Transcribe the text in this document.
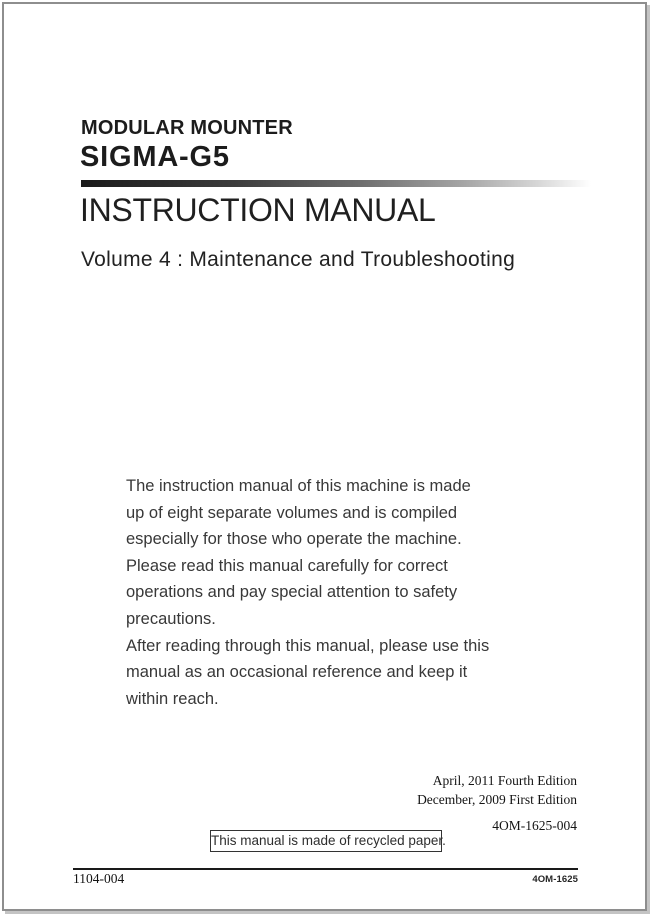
MODULAR MOUNTER
SIGMA-G5
INSTRUCTION MANUAL
Volume 4 : Maintenance and Troubleshooting
The instruction manual of this machine is made
up of eight separate volumes and is compiled
especially for those who operate the machine.
Please read this manual carefully for correct
operations and pay special attention to safety
precautions.
After reading through this manual, please use this
manual as an occasional reference and keep it
within reach.
April, 2011 Fourth Edition
December, 2009 First Edition
4OM-1625-004
This manual is made of recycled paper.
1104-004	4OM-1625
